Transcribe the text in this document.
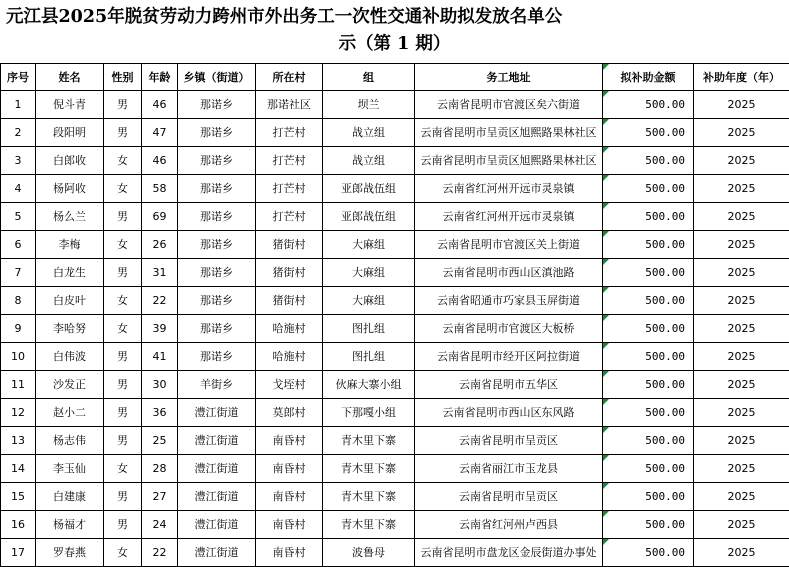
元江县2025年脱贫劳动力跨州市外出务工一次性交通补助拟发放名单公
示（第 1 期）
序号	姓名	性别	年龄	乡镇（街道）	所在村	组	务工地址	拟补助金额	补助年度（年）
1	倪斗青	男	46	那诺乡	那诺社区	坝兰	云南省昆明市官渡区矣六街道	500.00	2025
2	段阳明	男	47	那诺乡	打芒村	战立组	云南省昆明市呈贡区旭熙路果林社区	500.00	2025
3	白郎收	女	46	那诺乡	打芒村	战立组	云南省昆明市呈贡区旭熙路果林社区	500.00	2025
4	杨阿收	女	58	那诺乡	打芒村	亚郎战伍组	云南省红河州开远市灵泉镇	500.00	2025
5	杨么兰	男	69	那诺乡	打芒村	亚郎战伍组	云南省红河州开远市灵泉镇	500.00	2025
6	李梅	女	26	那诺乡	猪街村	大麻组	云南省昆明市官渡区关上街道	500.00	2025
7	白龙生	男	31	那诺乡	猪街村	大麻组	云南省昆明市西山区滇池路	500.00	2025
8	白皮叶	女	22	那诺乡	猪街村	大麻组	云南省昭通市巧家县玉屏街道	500.00	2025
9	李哈努	女	39	那诺乡	哈施村	图扎组	云南省昆明市官渡区大板桥	500.00	2025
10	白伟波	男	41	那诺乡	哈施村	图扎组	云南省昆明市经开区阿拉街道	500.00	2025
11	沙发正	男	30	羊街乡	戈垤村	伙麻大寨小组	云南省昆明市五华区	500.00	2025
12	赵小二	男	36	澧江街道	莫郎村	下那嘎小组	云南省昆明市西山区东风路	500.00	2025
13	杨志伟	男	25	澧江街道	南昏村	青木里下寨	云南省昆明市呈贡区	500.00	2025
14	李玉仙	女	28	澧江街道	南昏村	青木里下寨	云南省丽江市玉龙县	500.00	2025
15	白建康	男	27	澧江街道	南昏村	青木里下寨	云南省昆明市呈贡区	500.00	2025
16	杨福才	男	24	澧江街道	南昏村	青木里下寨	云南省红河州卢西县	500.00	2025
17	罗春燕	女	22	澧江街道	南昏村	波鲁母	云南省昆明市盘龙区金辰街道办事处	500.00	2025
